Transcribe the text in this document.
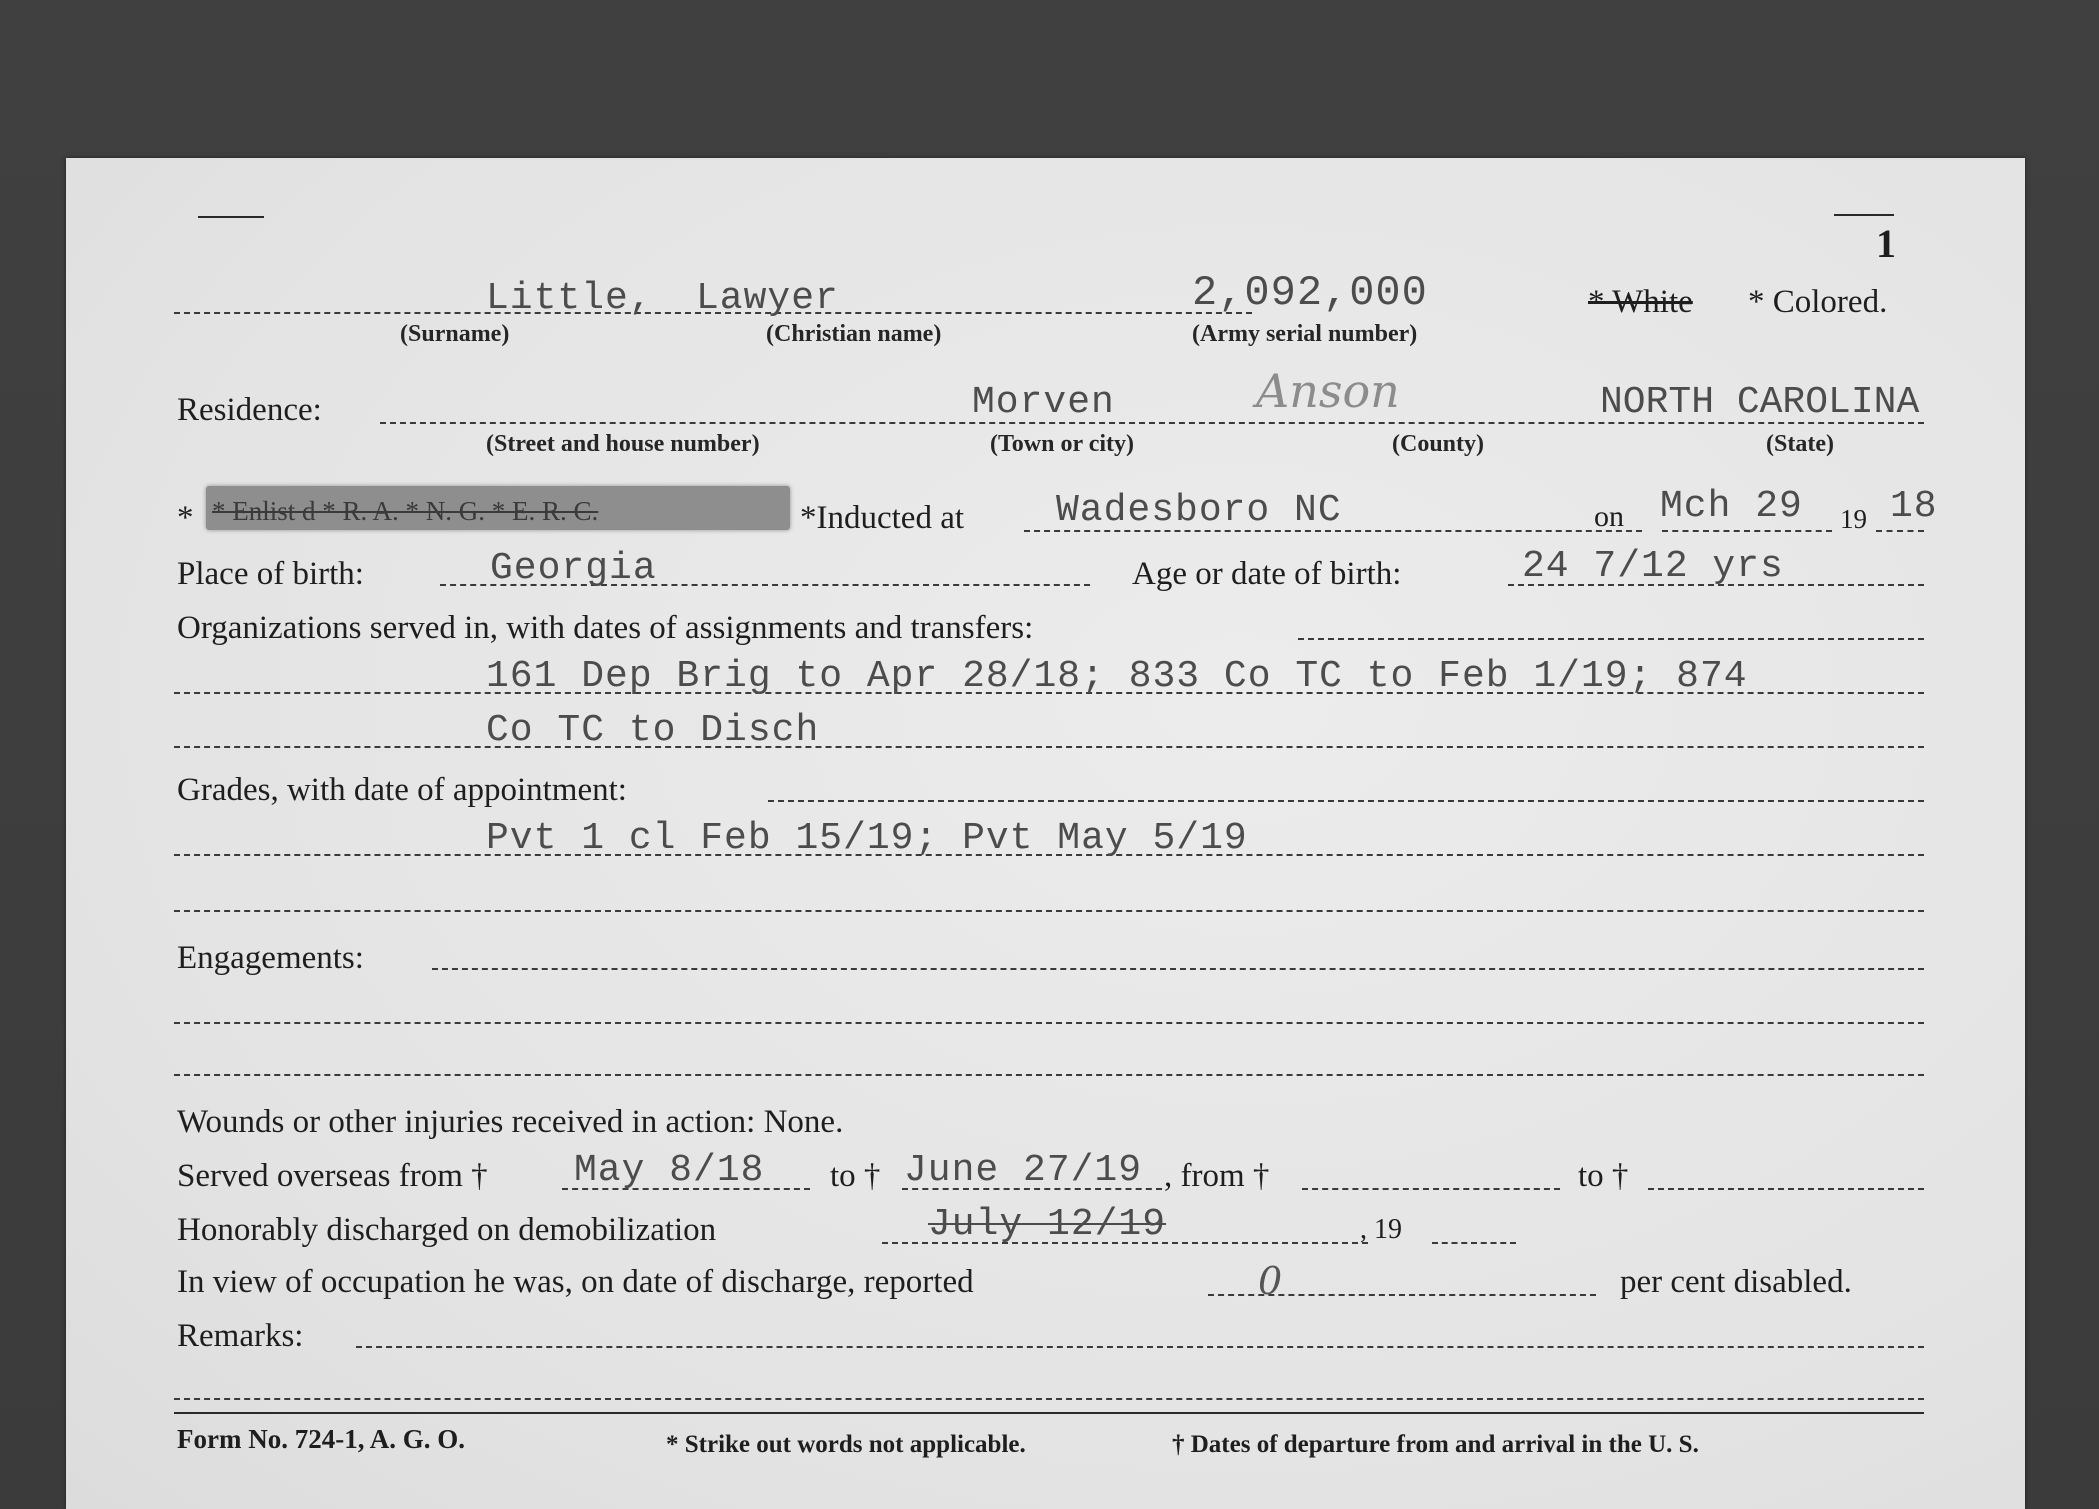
1
Little, Lawyer
(Surname)	(Christian name)
2,092,000
(Army serial number)
* White * Colored.
Residence:
(Street and house number)
Morven
(Town or city)
Anson
(County)
NORTH CAROLINA
(State)
* * Enlist d * R. A. * N. G. * E. R. C.	*Inducted at Wadesboro NC	on Mch 29 19 18
Place of birth:	Georgia	Age or date of birth:	24 7/12 yrs
Organizations served in, with dates of assignments and transfers:
161 Dep Brig to Apr 28/18; 833 Co TC to Feb 1/19; 874
Co TC to Disch
Grades, with date of appointment:
Pvt 1 cl Feb 15/19; Pvt May 5/19
Engagements:
Wounds or other injuries received in action: None.
Served overseas from † May 8/18 to † June 27/19 , from †	to †
Honorably discharged on demobilization	July 12/19	, 19
In view of occupation he was, on date of discharge, reported	0	per cent disabled.
Remarks:
Form No. 724-1, A. G. O.	* Strike out words not applicable.	† Dates of departure from and arrival in the U. S.
